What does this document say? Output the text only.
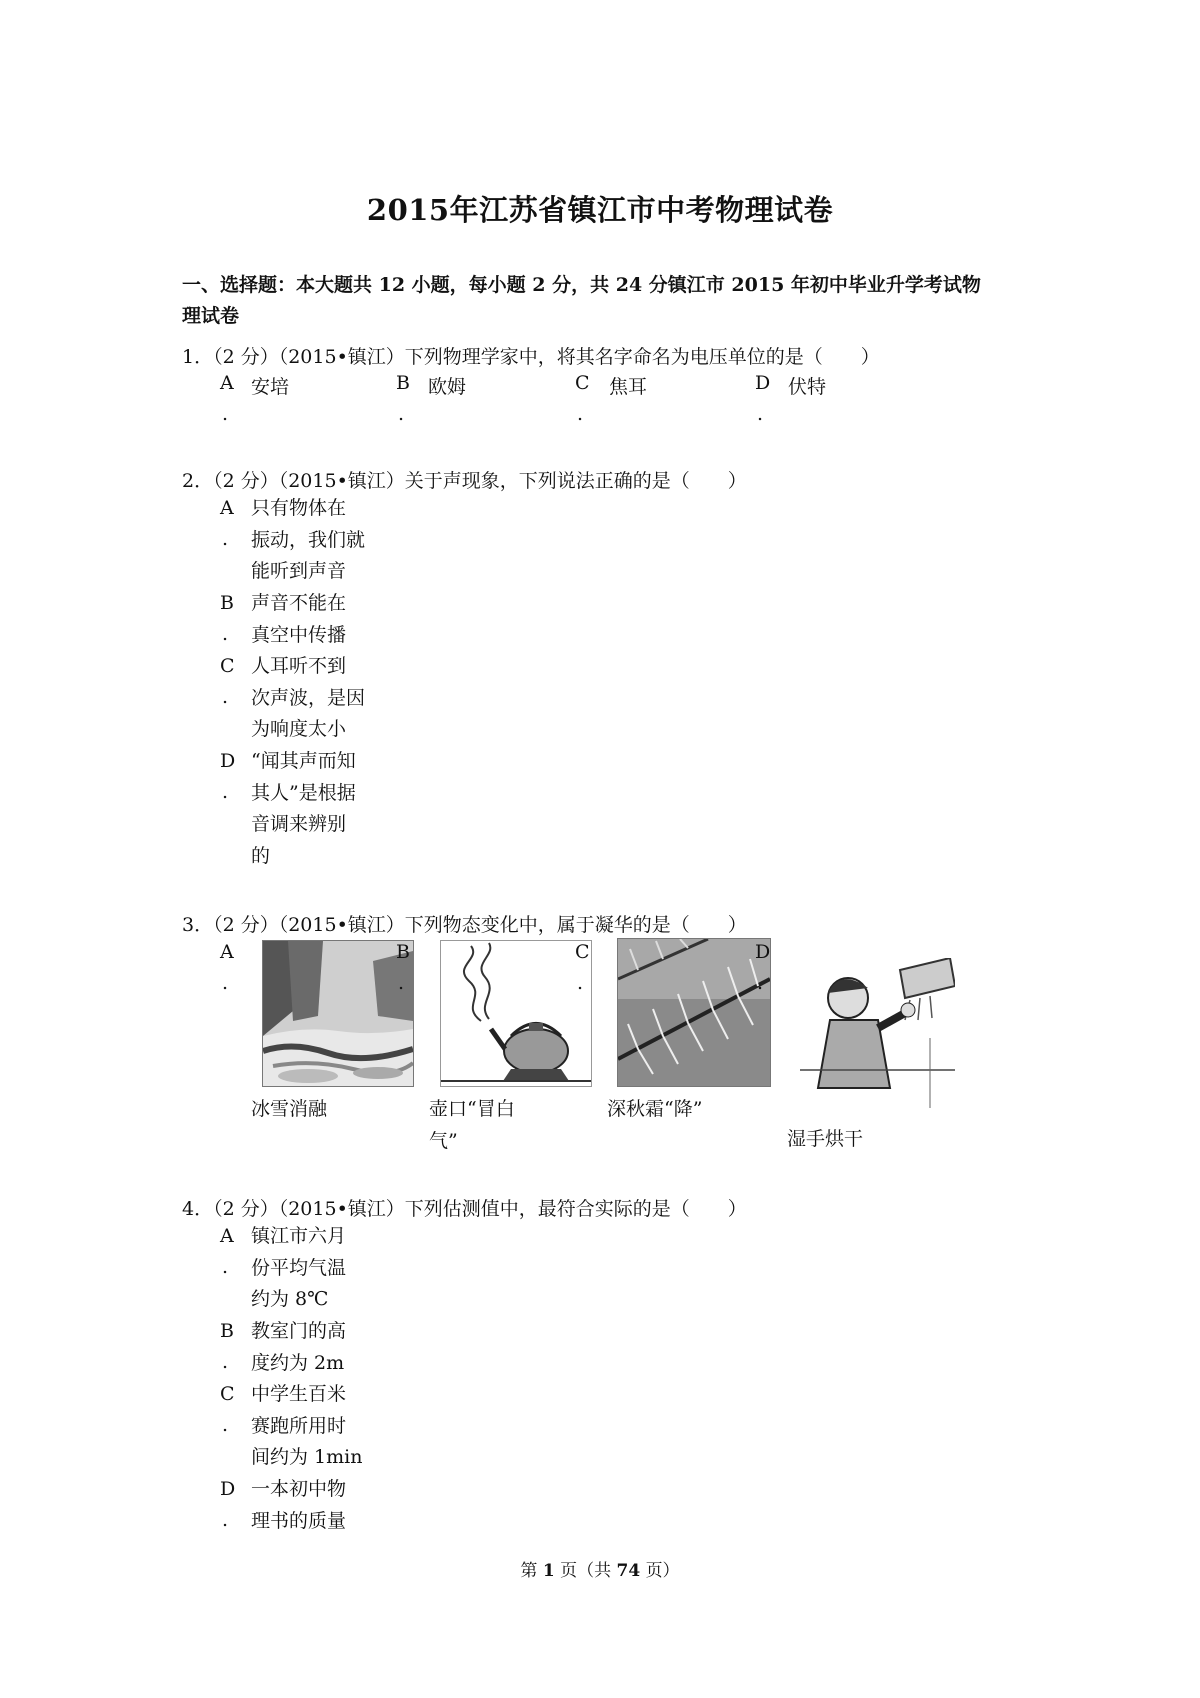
2015年江苏省镇江市中考物理试卷
一、选择题：本大题共 12 小题，每小题 2 分，共 24 分镇江市 2015 年初中毕业升学考试物
理试卷
1．（2 分）（2015•镇江）下列物理学家中，将其名字命名为电压单位的是（　　）
A
.
安培	B
.
欧姆	C
.
焦耳	D
.
伏特
2．（2 分）（2015•镇江）关于声现象，下列说法正确的是（　　）
A
.
只有物体在
振动，我们就
能听到声音
B
.
声音不能在
真空中传播
C
.
人耳听不到
次声波，是因
为响度太小
D
.
“闻其声而知
其人”是根据
音调来辨别
的
3．（2 分）（2015•镇江）下列物态变化中，属于凝华的是（　　）
A
.
冰雪消融
B
.
壶口“冒白
气”
C
.
深秋霜“降”
D
.
湿手烘干
4．（2 分）（2015•镇江）下列估测值中，最符合实际的是（　　）
A
.
镇江市六月
份平均气温
约为 8℃
B
.
教室门的高
度约为 2m
C
.
中学生百米
赛跑所用时
间约为 1min
D
.
一本初中物
理书的质量
第 1 页（共 74 页）
